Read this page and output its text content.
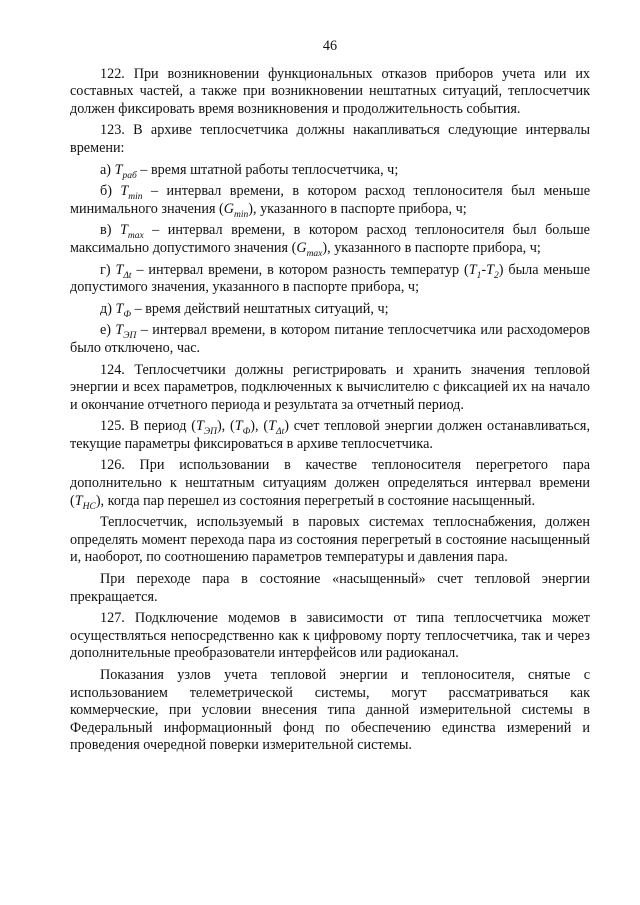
46

122. При возникновении функциональных отказов приборов учета или их составных частей, а также при возникновении нештатных ситуаций, теплосчетчик должен фиксировать время возникновения и продолжительность события.

123. В архиве теплосчетчика должны накапливаться следующие интервалы времени:

а) $T_{раб}$ – время штатной работы теплосчетчика, ч;

б) $T_{min}$ – интервал времени, в котором расход теплоносителя был меньше минимального значения $(G_{min})$, указанного в паспорте прибора, ч;

в) $T_{max}$ – интервал времени, в котором расход теплоносителя был больше максимально допустимого значения $(G_{max})$, указанного в паспорте прибора, ч;

г) $T_{\Delta t}$ – интервал времени, в котором разность температур $(T_1-T_2)$ была меньше допустимого значения, указанного в паспорте прибора, ч;

д) $T_Ф$ – время действий нештатных ситуаций, ч;

е) $T_{ЭП}$ – интервал времени, в котором питание теплосчетчика или расходомеров было отключено, час.

124. Теплосчетчики должны регистрировать и хранить значения тепловой энергии и всех параметров, подключенных к вычислителю с фиксацией их на начало и окончание отчетного периода и результата за отчетный период.

125. В период $(T_{ЭП})$, $(T_Ф)$, $(T_{\Delta t})$ счет тепловой энергии должен останавливаться, текущие параметры фиксироваться в архиве теплосчетчика.

126. При использовании в качестве теплоносителя перегретого пара дополнительно к нештатным ситуациям должен определяться интервал времени $(T_{НС})$, когда пар перешел из состояния перегретый в состояние насыщенный.

Теплосчетчик, используемый в паровых системах теплоснабжения, должен определять момент перехода пара из состояния перегретый в состояние насыщенный и, наоборот, по соотношению параметров температуры и давления пара.

При переходе пара в состояние «насыщенный» счет тепловой энергии прекращается.

127. Подключение модемов в зависимости от типа теплосчетчика может осуществляться непосредственно как к цифровому порту теплосчетчика, так и через дополнительные преобразователи интерфейсов или радиоканал.

Показания узлов учета тепловой энергии и теплоносителя, снятые с использованием телеметрической системы, могут рассматриваться как коммерческие, при условии внесения типа данной измерительной системы в Федеральный информационный фонд по обеспечению единства измерений и проведения очередной поверки измерительной системы.
